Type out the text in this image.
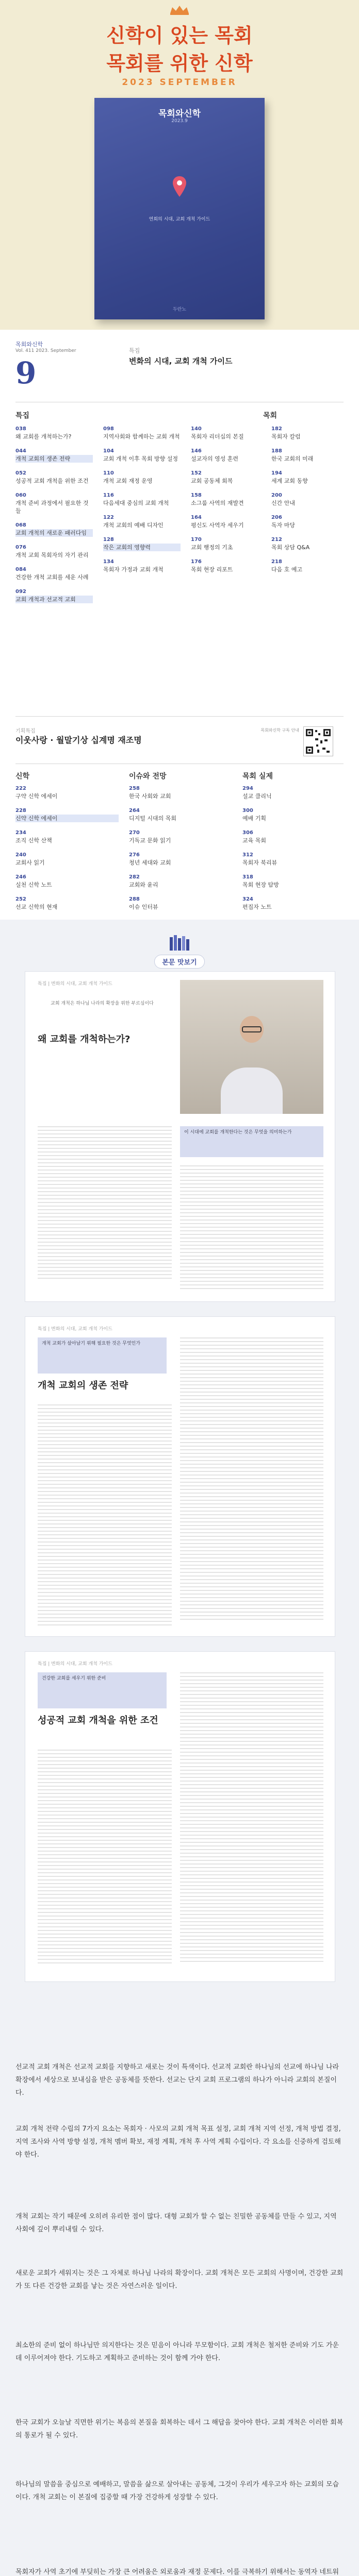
신학이 있는 목회
목회를 위한 신학
2023 SEPTEMBER
목회와신학
2023.9
연회의 시대, 교회 개척 가이드
두란노
목회와신학
Vol. 411 2023. September
9
특집
변화의 시대, 교회 개척 가이드
특집	목회
038
왜 교회를 개척하는가?
044
개척 교회의 생존 전략
052
성공적 교회 개척을 위한 조건
060
개척 준비 과정에서 필요한 것들
068
교회 개척의 새로운 패러다임
076
개척 교회 목회자의 자기 관리
084
건강한 개척 교회를 세운 사례
092
교회 개척과 선교적 교회
098
지역사회와 함께하는 교회 개척
104
교회 개척 이후 목회 방향 설정
110
개척 교회 재정 운영
116
다음세대 중심의 교회 개척
122
개척 교회의 예배 디자인
128
작은 교회의 영향력
134
목회자 가정과 교회 개척
140
목회자 리더십의 본질
146
설교자의 영성 훈련
152
교회 공동체 회복
158
소그룹 사역의 재발견
164
평신도 사역자 세우기
170
교회 행정의 기초
176
목회 현장 리포트
182
목회자 칼럼
188
한국 교회의 미래
194
세계 교회 동향
200
신간 안내
206
독자 마당
212
목회 상담 Q&A
218
다음 호 예고
기획특집
이웃사랑 · 월말기상 십계명 재조명
목회와신학 구독 안내
신학	이슈와 전망	목회 실제
222
구약 신학 에세이
228
신약 신학 에세이
234
조직 신학 산책
240
교회사 읽기
246
실천 신학 노트
252
선교 신학의 현재
258
한국 사회와 교회
264
디지털 시대의 목회
270
기독교 문화 읽기
276
청년 세대와 교회
282
교회와 윤리
288
이슈 인터뷰
294
설교 클리닉
300
예배 기획
306
교육 목회
312
목회자 북리뷰
318
목회 현장 탐방
324
편집자 노트
본문 맛보기
특집 | 변화의 시대, 교회 개척 가이드
교회 개척은 하나님 나라의 확장을 위한 부르심이다
왜 교회를 개척하는가?
이 시대에 교회를 개척한다는 것은 무엇을 의미하는가
특집 | 변화의 시대, 교회 개척 가이드
개척 교회가 살아남기 위해 필요한 것은 무엇인가
개척 교회의 생존 전략
특집 | 변화의 시대, 교회 개척 가이드
건강한 교회를 세우기 위한 준비
성공적 교회 개척을 위한 조건
선교적 교회 개척은 선교적 교회를 지향하고 새로는 것이 특색이다. 선교적 교회란 하나님의 선교에 하나님 나라 확장에서 세상으로 보내심을 받은 공동체를 뜻한다. 선교는 단지 교회 프로그램의 하나가 아니라 교회의 본질이다.
교회 개척 전략 수립의 7가지 요소는 목회자 · 사모의 교회 개척 목표 설정, 교회 개척 지역 선정, 개척 방법 결정, 지역 조사와 사역 방향 설정, 개척 멤버 확보, 재정 계획, 개척 후 사역 계획 수립이다. 각 요소를 신중하게 검토해야 한다.
개척 교회는 작기 때문에 오히려 유리한 점이 많다. 대형 교회가 할 수 없는 친밀한 공동체를 만들 수 있고, 지역 사회에 깊이 뿌리내릴 수 있다.
새로운 교회가 세워지는 것은 그 자체로 하나님 나라의 확장이다. 교회 개척은 모든 교회의 사명이며, 건강한 교회가 또 다른 건강한 교회를 낳는 것은 자연스러운 일이다.
최소한의 준비 없이 하나님만 의지한다는 것은 믿음이 아니라 무모함이다. 교회 개척은 철저한 준비와 기도 가운데 이루어져야 한다. 기도하고 계획하고 준비하는 것이 함께 가야 한다.
한국 교회가 오늘날 직면한 위기는 복음의 본질을 회복하는 데서 그 해답을 찾아야 한다. 교회 개척은 이러한 회복의 통로가 될 수 있다.
하나님의 말씀을 중심으로 예배하고, 말씀을 삶으로 살아내는 공동체, 그것이 우리가 세우고자 하는 교회의 모습이다. 개척 교회는 이 본질에 집중할 때 가장 건강하게 성장할 수 있다.
목회자가 사역 초기에 부딪히는 가장 큰 어려움은 외로움과 재정 문제다. 이를 극복하기 위해서는 동역자 네트워
